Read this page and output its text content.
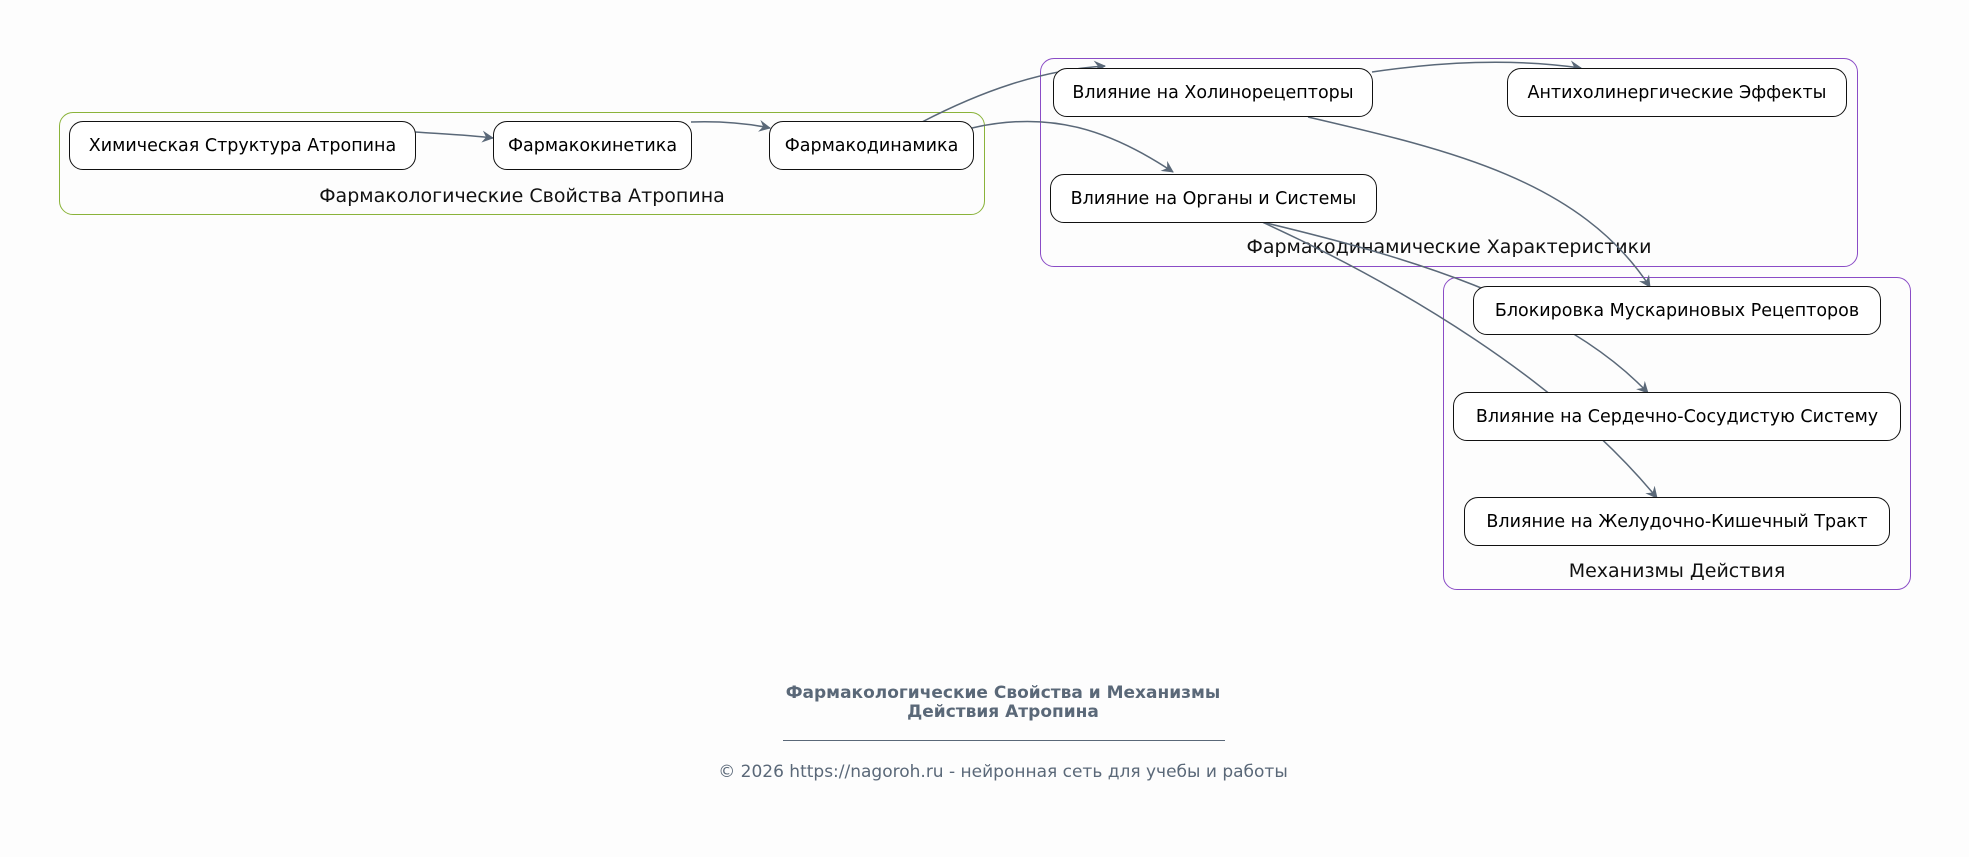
Фармакологические Свойства Атропина
Фармакодинамические Характеристики
Механизмы Действия
Химическая Структура Атропина	Фармакокинетика	Фармакодинамика
Влияние на Холинорецепторы	Антихолинергические Эффекты
Влияние на Органы и Системы
Блокировка Мускариновых Рецепторов
Влияние на Сердечно-Сосудистую Систему
Влияние на Желудочно-Кишечный Тракт
Фармакологические Свойства и Механизмы
Действия Атропина
© 2026 https://nagoroh.ru - нейронная сеть для учебы и работы
